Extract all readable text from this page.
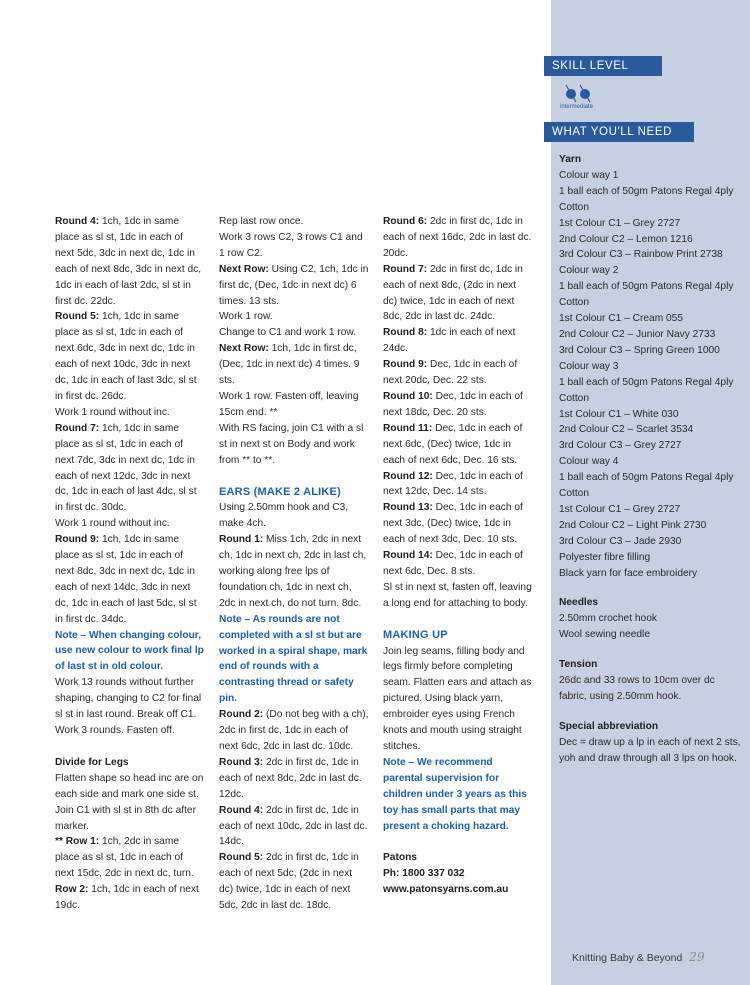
Round 4: 1ch, 1dc in same place as sl st, 1dc in each of next 5dc, 3dc in next dc, 1dc in each of next 8dc, 3dc in next dc, 1dc in each of last 2dc, sl st in first dc. 22dc.

Round 5: 1ch, 1dc in same place as sl st, 1dc in each of next 6dc, 3dc in next dc, 1dc in each of next 10dc, 3dc in next dc, 1dc in each of last 3dc, sl st in first dc. 26dc.

Work 1 round without inc.

Round 7: 1ch, 1dc in same place as sl st, 1dc in each of next 7dc, 3dc in next dc, 1dc in each of next 12dc, 3dc in next dc, 1dc in each of last 4dc, sl st in first dc. 30dc.

Work 1 round without inc.

Round 9: 1ch, 1dc in same place as sl st, 1dc in each of next 8dc, 3dc in next dc, 1dc in each of next 14dc, 3dc in next dc, 1dc in each of last 5dc, sl st in first dc. 34dc.

Note – When changing colour, use new colour to work final lp of last st in old colour.

Work 13 rounds without further shaping, changing to C2 for final sl st in last round. Break off C1.

Work 3 rounds. Fasten off.

Divide for Legs

Flatten shape so head inc are on each side and mark one side st. Join C1 with sl st in 8th dc after marker.

** Row 1: 1ch, 2dc in same place as sl st, 1dc in each of next 15dc, 2dc in next dc, turn.

Row 2: 1ch, 1dc in each of next 19dc.

Rep last row once.

Work 3 rows C2, 3 rows C1 and 1 row C2.

Next Row: Using C2, 1ch, 1dc in first dc, (Dec, 1dc in next dc) 6 times. 13 sts.

Work 1 row.

Change to C1 and work 1 row.

Next Row: 1ch, 1dc in first dc, (Dec, 1dc in next dc) 4 times. 9 sts.

Work 1 row. Fasten off, leaving 15cm end. **

With RS facing, join C1 with a sl st in next st on Body and work from ** to **.

EARS (MAKE 2 ALIKE)

Using 2.50mm hook and C3, make 4ch.

Round 1: Miss 1ch, 2dc in next ch, 1dc in next ch, 2dc in last ch, working along free lps of foundation ch, 1dc in next ch, 2dc in next ch, do not turn. 8dc.

Note – As rounds are not completed with a sl st but are worked in a spiral shape, mark end of rounds with a contrasting thread or safety pin.

Round 2: (Do not beg with a ch), 2dc in first dc, 1dc in each of next 6dc, 2dc in last dc. 10dc.

Round 3: 2dc in first dc, 1dc in each of next 8dc, 2dc in last dc. 12dc.

Round 4: 2dc in first dc, 1dc in each of next 10dc, 2dc in last dc. 14dc.

Round 5: 2dc in first dc, 1dc in each of next 5dc, (2dc in next dc) twice, 1dc in each of next 5dc, 2dc in last dc. 18dc.

Round 6: 2dc in first dc, 1dc in each of next 16dc, 2dc in last dc. 20dc.

Round 7: 2dc in first dc, 1dc in each of next 8dc, (2dc in next dc) twice, 1dc in each of next 8dc, 2dc in last dc. 24dc.

Round 8: 1dc in each of next 24dc.

Round 9: Dec, 1dc in each of next 20dc, Dec. 22 sts.

Round 10: Dec, 1dc in each of next 18dc, Dec. 20 sts.

Round 11: Dec, 1dc in each of next 6dc, (Dec) twice, 1dc in each of next 6dc, Dec. 16 sts.

Round 12: Dec, 1dc in each of next 12dc, Dec. 14 sts.

Round 13: Dec, 1dc in each of next 3dc, (Dec) twice, 1dc in each of next 3dc, Dec. 10 sts.

Round 14: Dec, 1dc in each of next 6dc, Dec. 8 sts.

Sl st in next st, fasten off, leaving a long end for attaching to body.

MAKING UP

Join leg seams, filling body and legs firmly before completing seam. Flatten ears and attach as pictured. Using black yarn, embroider eyes using French knots and mouth using straight stitches.

Note – We recommend parental supervision for children under 3 years as this toy has small parts that may present a choking hazard.

Patons

Ph: 1800 337 032

www.patonsyarns.com.au

SKILL LEVEL
intermediate
WHAT YOU'LL NEED

Yarn

Colour way 1
1 ball each of 50gm Patons Regal 4ply Cotton
1st Colour C1 – Grey 2727
2nd Colour C2 – Lemon 1216
3rd Colour C3 – Rainbow Print 2738
Colour way 2
1 ball each of 50gm Patons Regal 4ply Cotton
1st Colour C1 – Cream 055
2nd Colour C2 – Junior Navy 2733
3rd Colour C3 – Spring Green 1000
Colour way 3
1 ball each of 50gm Patons Regal 4ply Cotton
1st Colour C1 – White 030
2nd Colour C2 – Scarlet 3534
3rd Colour C3 – Grey 2727
Colour way 4
1 ball each of 50gm Patons Regal 4ply Cotton
1st Colour C1 – Grey 2727
2nd Colour C2 – Light Pink 2730
3rd Colour C3 – Jade 2930
Polyester fibre filling
Black yarn for face embroidery

Needles

2.50mm crochet hook
Wool sewing needle

Tension

26dc and 33 rows to 10cm over dc fabric, using 2.50mm hook.

Special abbreviation

Dec = draw up a lp in each of next 2 sts, yoh and draw through all 3 lps on hook.

Knitting Baby & Beyond 29
